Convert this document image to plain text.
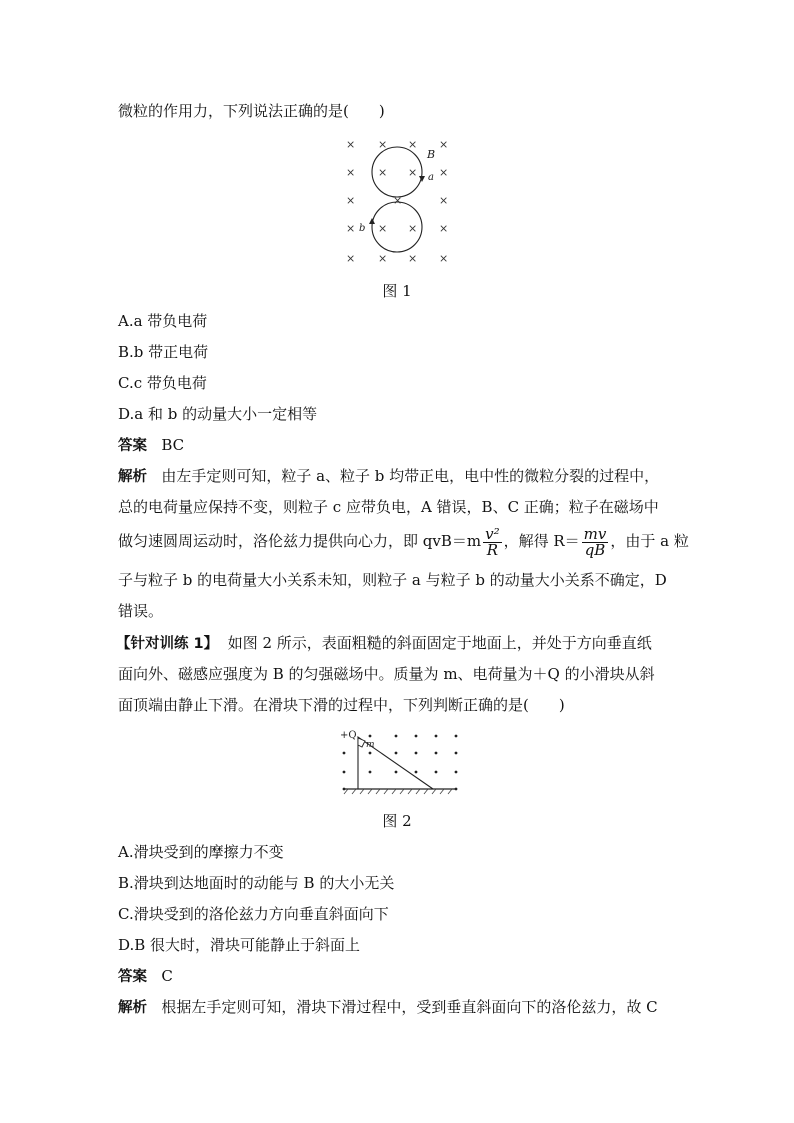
微粒的作用力，下列说法正确的是(　　)
×	×
×	×
×	×
×	×
× × × ×
× ×
× ×
× ×
×
B
a
b
图 1
A.a 带负电荷
B.b 带正电荷
C.c 带负电荷
D.a 和 b 的动量大小一定相等
答案 BC
解析 由左手定则可知，粒子 a、粒子 b 均带正电，电中性的微粒分裂的过程中，
总的电荷量应保持不变，则粒子 c 应带负电，A 错误，B、C 正确；粒子在磁场中
做匀速圆周运动时，洛伦兹力提供向心力，即 $qvB=m \frac{\text{v²}}{R}$ ，解得 $R= \frac{mv}{qB}$ ，由于 a 粒
子与粒子 b 的电荷量大小关系未知，则粒子 a 与粒子 b 的动量大小关系不确定，D
错误。
【针对训练 1】 如图 2 所示，表面粗糙的斜面固定于地面上，并处于方向垂直纸
面向外、磁感应强度为 B 的匀强磁场中。质量为 m、电荷量为＋Q 的小滑块从斜
面顶端由静止下滑。在滑块下滑的过程中，下列判断正确的是(　　)
+Q
m
图 2
A.滑块受到的摩擦力不变
B.滑块到达地面时的动能与 B 的大小无关
C.滑块受到的洛伦兹力方向垂直斜面向下
D.B 很大时，滑块可能静止于斜面上
答案 C
解析 根据左手定则可知，滑块下滑过程中，受到垂直斜面向下的洛伦兹力，故 C
